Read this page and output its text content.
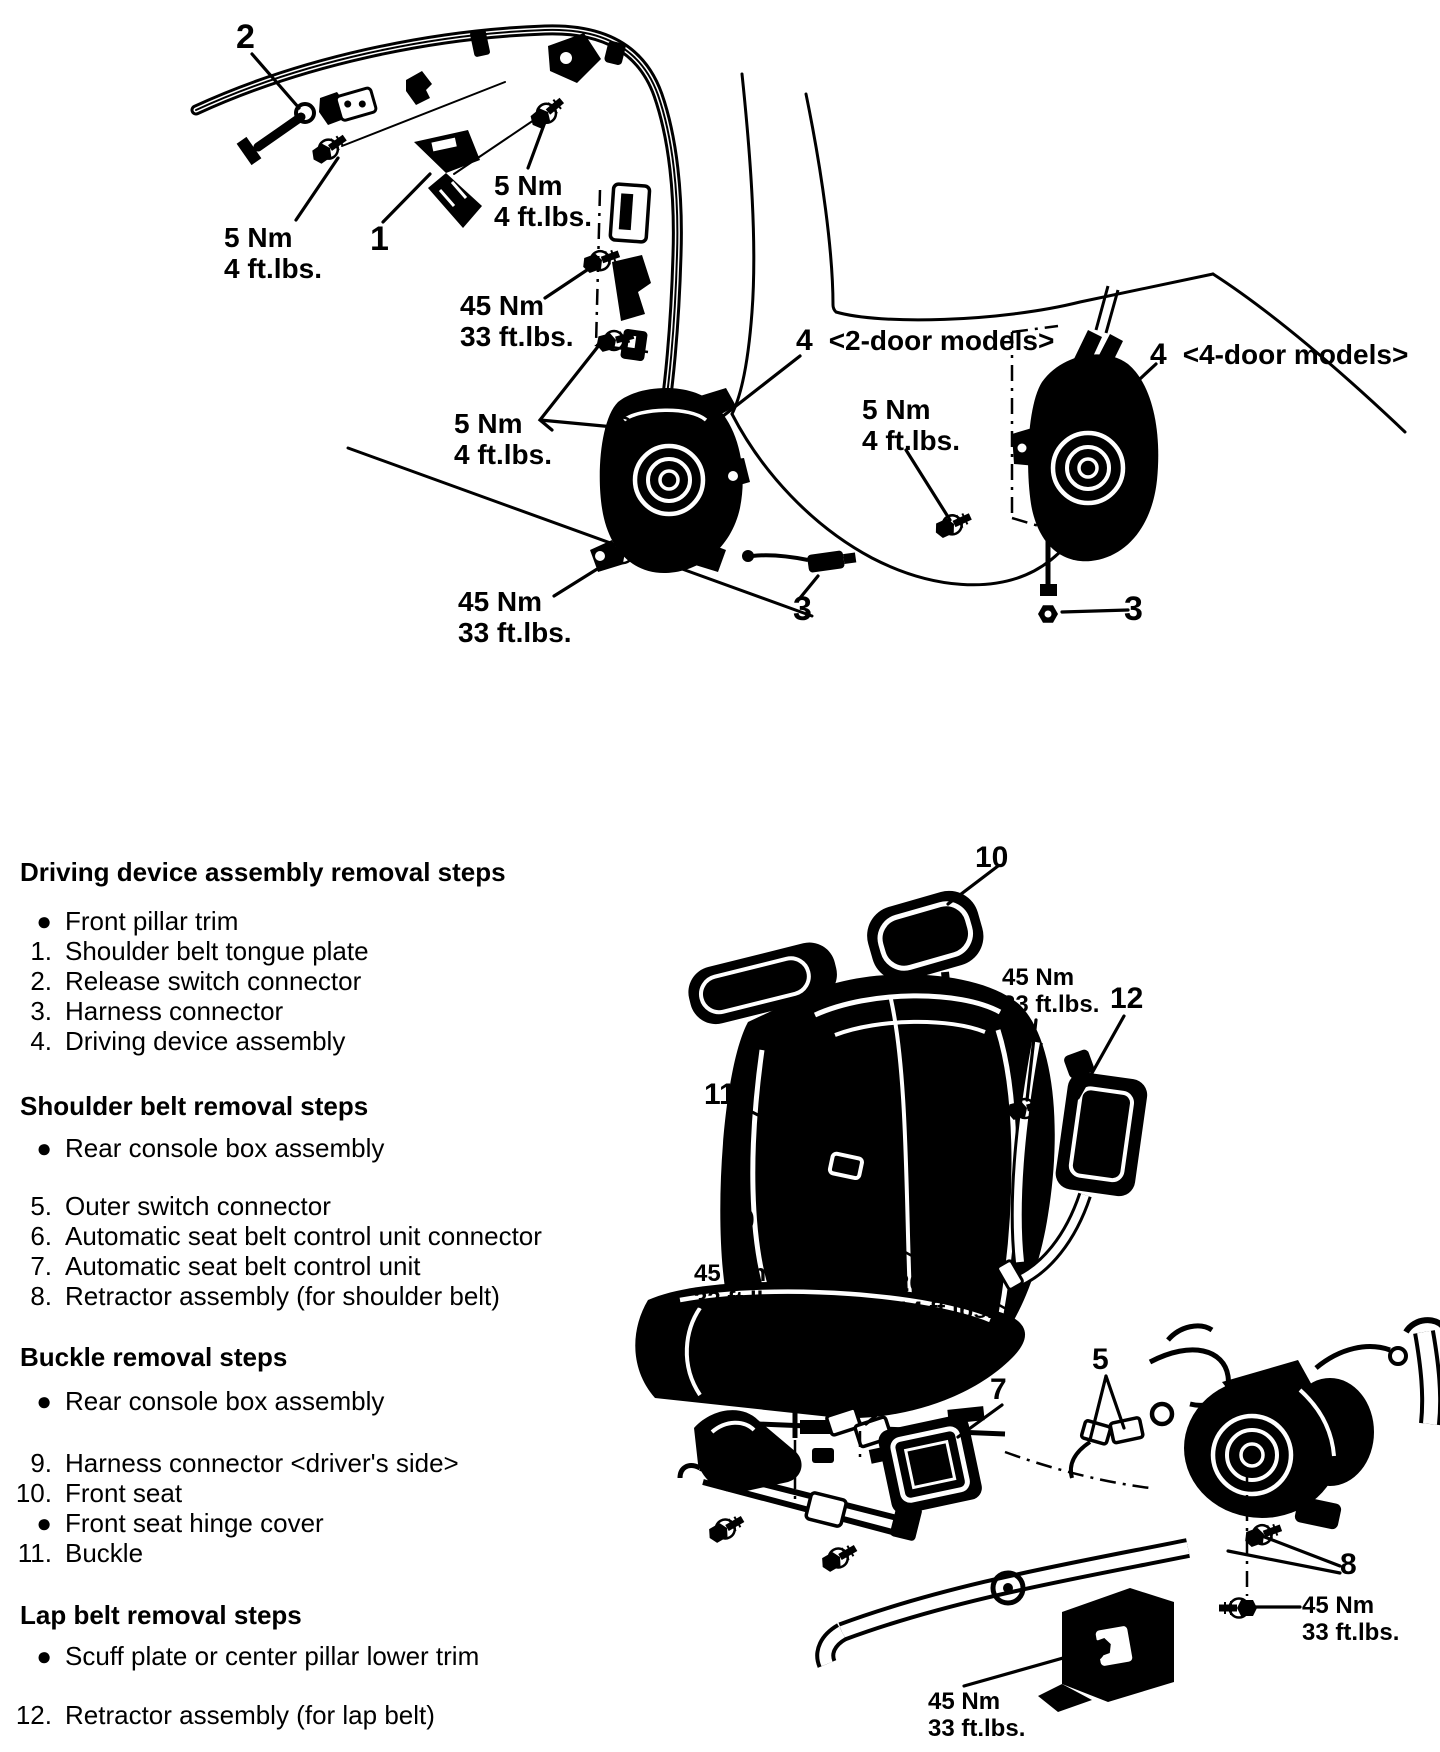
2
5 Nm
4 ft.lbs.
1
5 Nm
4 ft.lbs.
45 Nm
33 ft.lbs.
5 Nm
4 ft.lbs.
4 <2-door models>
5 Nm
4 ft.lbs.
4 <4-door models>
45 Nm
33 ft.lbs.
3	3
Driving device assembly removal steps
● Front pillar trim
1. Shoulder belt tongue plate
2. Release switch connector
3. Harness connector
4. Driving device assembly
Shoulder belt removal steps
● Rear console box assembly
5. Outer switch connector
6. Automatic seat belt control unit connector
7. Automatic seat belt control unit
8. Retractor assembly (for shoulder belt)
Buckle removal steps
● Rear console box assembly
9. Harness connector <driver's side>
10. Front seat
● Front seat hinge cover
11. Buckle
Lap belt removal steps
● Scuff plate or center pillar lower trim
12. Retractor assembly (for lap belt)
10
45 Nm
33 ft.lbs. 12
11
9
45 Nm
33 ft.lbs.
20 Nm
14 ft.lbs.
6
7
5
8
45 Nm
33 ft.lbs.
45 Nm
33 ft.lbs.
